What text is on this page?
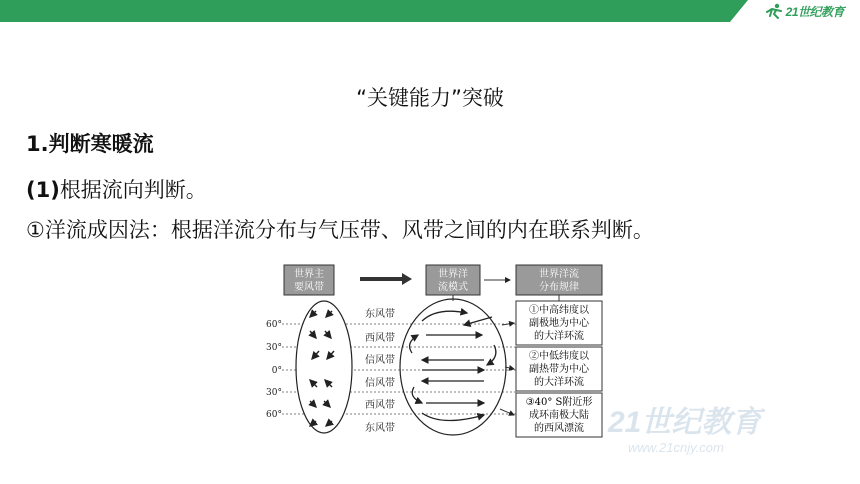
21世纪教育
“关键能力”突破
1.判断寒暖流
(1)根据流向判断。
①洋流成因法：根据洋流分布与气压带、风带之间的内在联系判断。
世界主
要风带
世界洋
流模式
世界洋流
分布规律
60°
30°
0°
30°
60°
东风带
西风带
信风带
信风带
西风带
东风带
①中高纬度以
副极地为中心
的大洋环流
②中低纬度以
副热带为中心
的大洋环流
③40° S附近形
成环南极大陆
的西风漂流 21世纪教育
www.21cnjy.com
